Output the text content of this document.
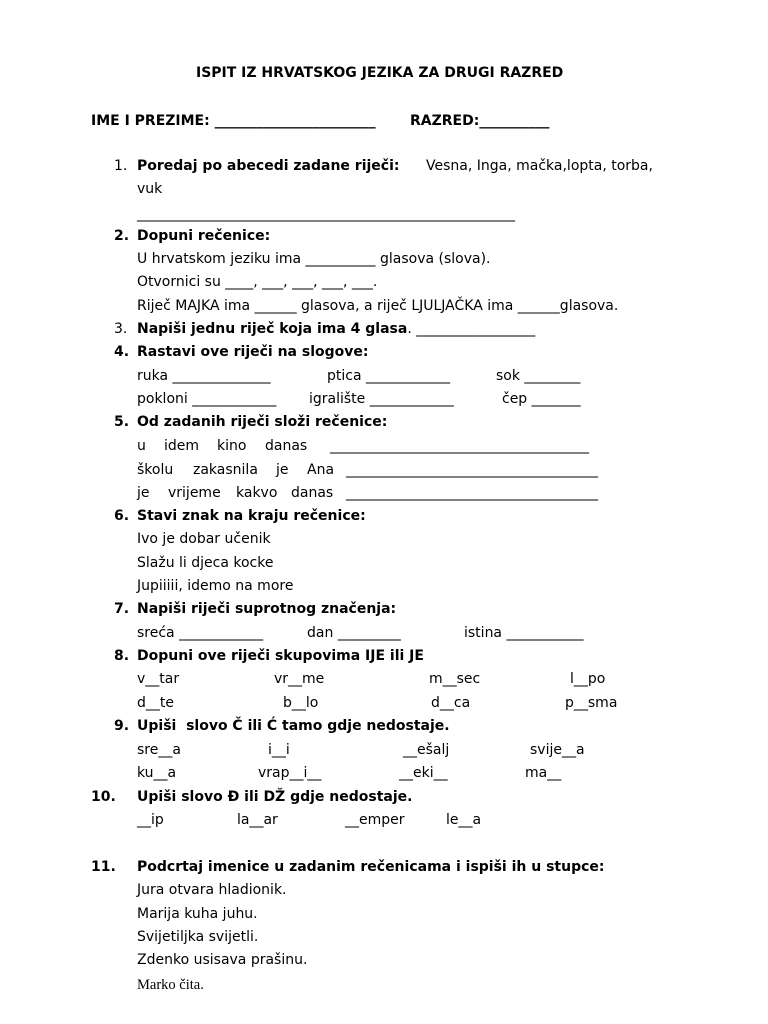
ISPIT IZ HRVATSKOG JEZIKA ZA DRUGI RAZRED
IME I PREZIME: _______________________ RAZRED:__________
1. Poredaj po abecedi zadane riječi: Vesna, Inga, mačka,lopta, torba,
vuk
______________________________________________________
2. Dopuni rečenice:
U hrvatskom jeziku ima __________ glasova (slova).
Otvornici su ____, ___, ___, ___, ___.
Riječ MAJKA ima ______ glasova, a riječ LJULJAČKA ima ______glasova.
3. Napiši jednu riječ koja ima 4 glasa. _________________
4. Rastavi ove riječi na slogove:
ruka ______________	ptica ____________	sok ________
pokloni ____________ igralište ____________	čep _______
5. Od zadanih riječi složi rečenice:
u idem kino danas _____________________________________
školu zakasnila je Ana ____________________________________
je vrijeme kakvo danas ____________________________________
6. Stavi znak na kraju rečenice:
Ivo je dobar učenik
Slažu li djeca kocke
Jupiiiii, idemo na more
7. Napiši riječi suprotnog značenja:
sreća ____________	dan _________	istina ___________
8. Dopuni ove riječi skupovima IJE ili JE
v__tar	vr__me	m__sec	l__po
d__te	b__lo	d__ca	p__sma
9. Upiši  slovo Č ili Ć tamo gdje nedostaje.
sre__a	i__i	__ešalj	svije__a
ku__a	vrap__i__	__eki__	ma__
10. Upiši slovo Đ ili DŽ gdje nedostaje.
__ip	la__ar	__emper	le__a
11. Podcrtaj imenice u zadanim rečenicama i ispiši ih u stupce:
Jura otvara hladionik.
Marija kuha juhu.
Svijetiljka svijetli.
Zdenko usisava prašinu.
Marko čita.
